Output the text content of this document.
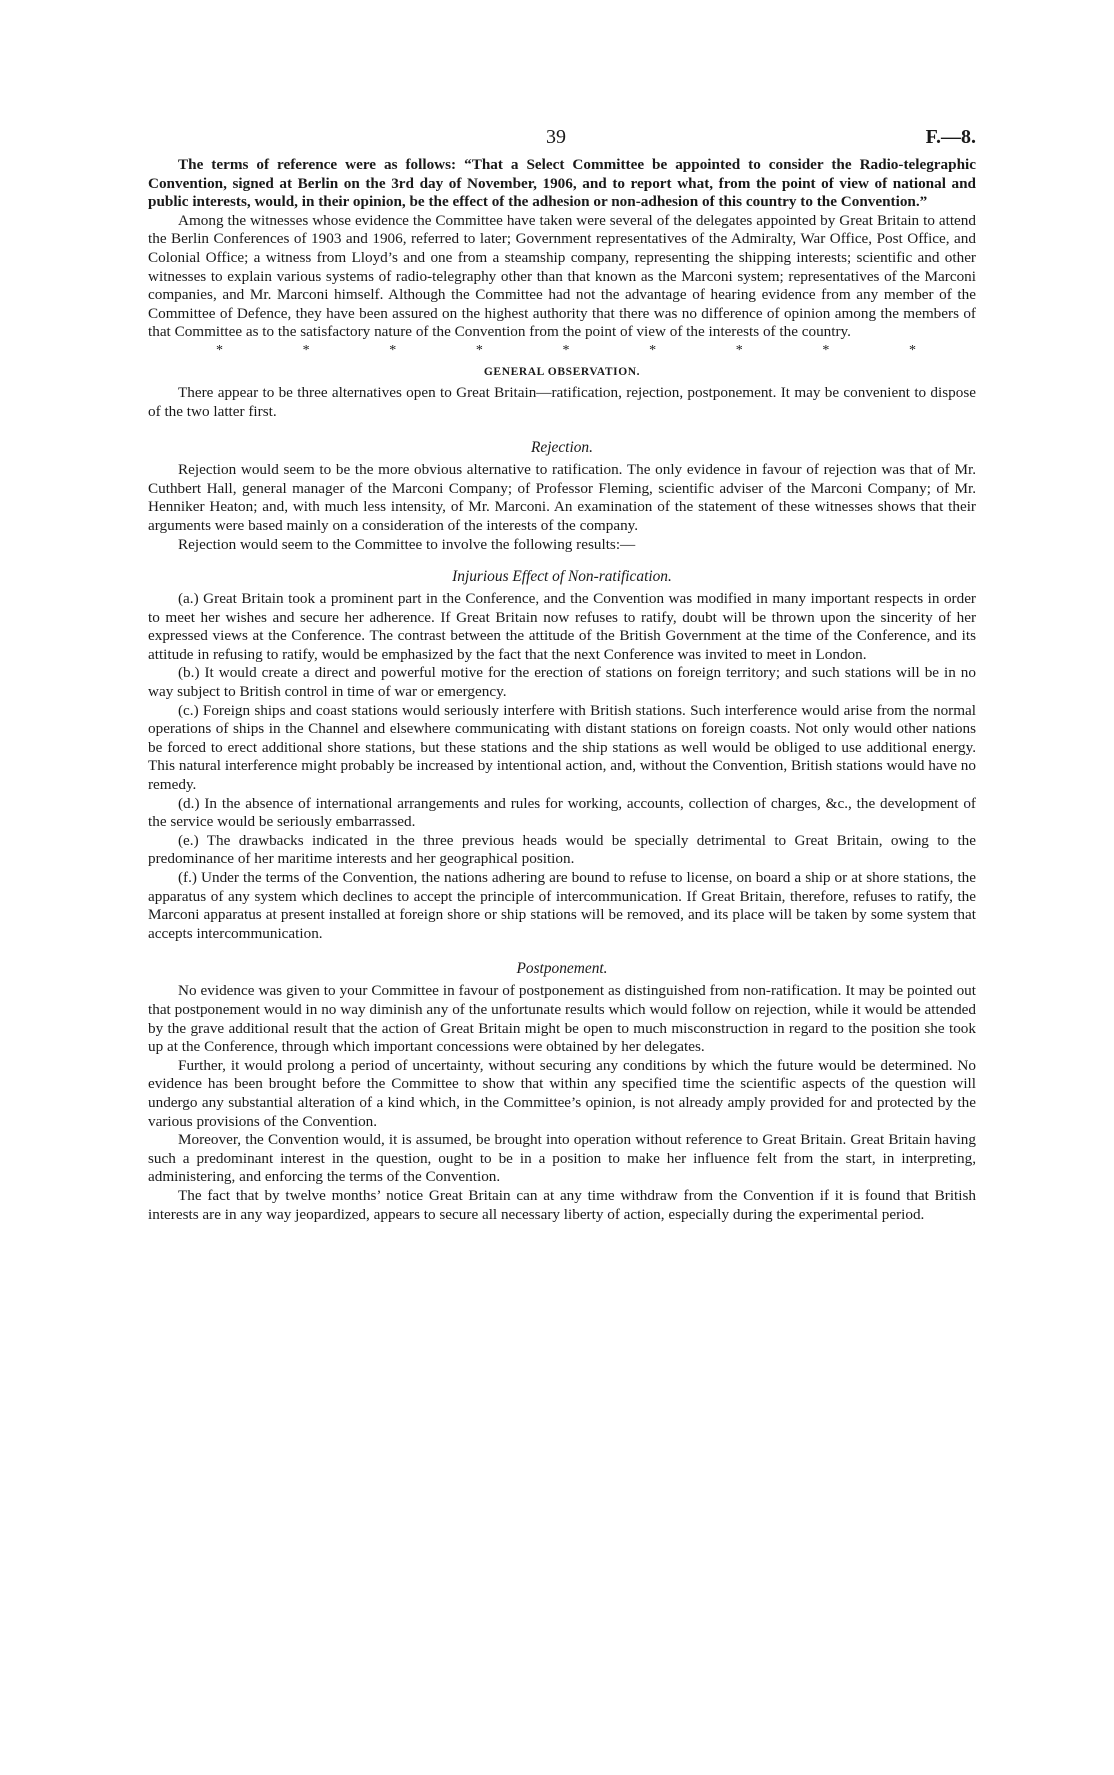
39	F.—8.

The terms of reference were as follows: “That a Select Committee be appointed to consider the Radio-telegraphic Convention, signed at Berlin on the 3rd day of November, 1906, and to report what, from the point of view of national and public interests, would, in their opinion, be the effect of the adhesion or non-adhesion of this country to the Convention.”

Among the witnesses whose evidence the Committee have taken were several of the delegates appointed by Great Britain to attend the Berlin Conferences of 1903 and 1906, referred to later; Government representatives of the Admiralty, War Office, Post Office, and Colonial Office; a witness from Lloyd’s and one from a steamship company, representing the shipping interests; scientific and other witnesses to explain various systems of radio-telegraphy other than that known as the Marconi system; representatives of the Marconi companies, and Mr. Marconi himself. Although the Committee had not the advantage of hearing evidence from any member of the Committee of Defence, they have been assured on the highest authority that there was no difference of opinion among the members of that Committee as to the satisfactory nature of the Convention from the point of view of the interests of the country.

*	*	*	*	*	*	*	*	*
GENERAL OBSERVATION.

There appear to be three alternatives open to Great Britain—ratification, rejection, postponement. It may be convenient to dispose of the two latter first.

Rejection.

Rejection would seem to be the more obvious alternative to ratification. The only evidence in favour of rejection was that of Mr. Cuthbert Hall, general manager of the Marconi Company; of Professor Fleming, scientific adviser of the Marconi Company; of Mr. Henniker Heaton; and, with much less intensity, of Mr. Marconi. An examination of the statement of these witnesses shows that their arguments were based mainly on a consideration of the interests of the company.

Rejection would seem to the Committee to involve the following results:—

Injurious Effect of Non-ratification.

(a.) Great Britain took a prominent part in the Conference, and the Convention was modified in many important respects in order to meet her wishes and secure her adherence. If Great Britain now refuses to ratify, doubt will be thrown upon the sincerity of her expressed views at the Conference. The contrast between the attitude of the British Government at the time of the Conference, and its attitude in refusing to ratify, would be emphasized by the fact that the next Conference was invited to meet in London.

(b.) It would create a direct and powerful motive for the erection of stations on foreign territory; and such stations will be in no way subject to British control in time of war or emergency.

(c.) Foreign ships and coast stations would seriously interfere with British stations. Such interference would arise from the normal operations of ships in the Channel and elsewhere communicating with distant stations on foreign coasts. Not only would other nations be forced to erect additional shore stations, but these stations and the ship stations as well would be obliged to use additional energy. This natural interference might probably be increased by intentional action, and, without the Convention, British stations would have no remedy.

(d.) In the absence of international arrangements and rules for working, accounts, collection of charges, &c., the development of the service would be seriously embarrassed.

(e.) The drawbacks indicated in the three previous heads would be specially detrimental to Great Britain, owing to the predominance of her maritime interests and her geographical position.

(f.) Under the terms of the Convention, the nations adhering are bound to refuse to license, on board a ship or at shore stations, the apparatus of any system which declines to accept the principle of intercommunication. If Great Britain, therefore, refuses to ratify, the Marconi apparatus at present installed at foreign shore or ship stations will be removed, and its place will be taken by some system that accepts intercommunication.

Postponement.

No evidence was given to your Committee in favour of postponement as distinguished from non-ratification. It may be pointed out that postponement would in no way diminish any of the unfortunate results which would follow on rejection, while it would be attended by the grave additional result that the action of Great Britain might be open to much misconstruction in regard to the position she took up at the Conference, through which important concessions were obtained by her delegates.

Further, it would prolong a period of uncertainty, without securing any conditions by which the future would be determined. No evidence has been brought before the Committee to show that within any specified time the scientific aspects of the question will undergo any substantial alteration of a kind which, in the Committee’s opinion, is not already amply provided for and protected by the various provisions of the Convention.

Moreover, the Convention would, it is assumed, be brought into operation without reference to Great Britain. Great Britain having such a predominant interest in the question, ought to be in a position to make her influence felt from the start, in interpreting, administering, and enforcing the terms of the Convention.

The fact that by twelve months’ notice Great Britain can at any time withdraw from the Convention if it is found that British interests are in any way jeopardized, appears to secure all necessary liberty of action, especially during the experimental period.
